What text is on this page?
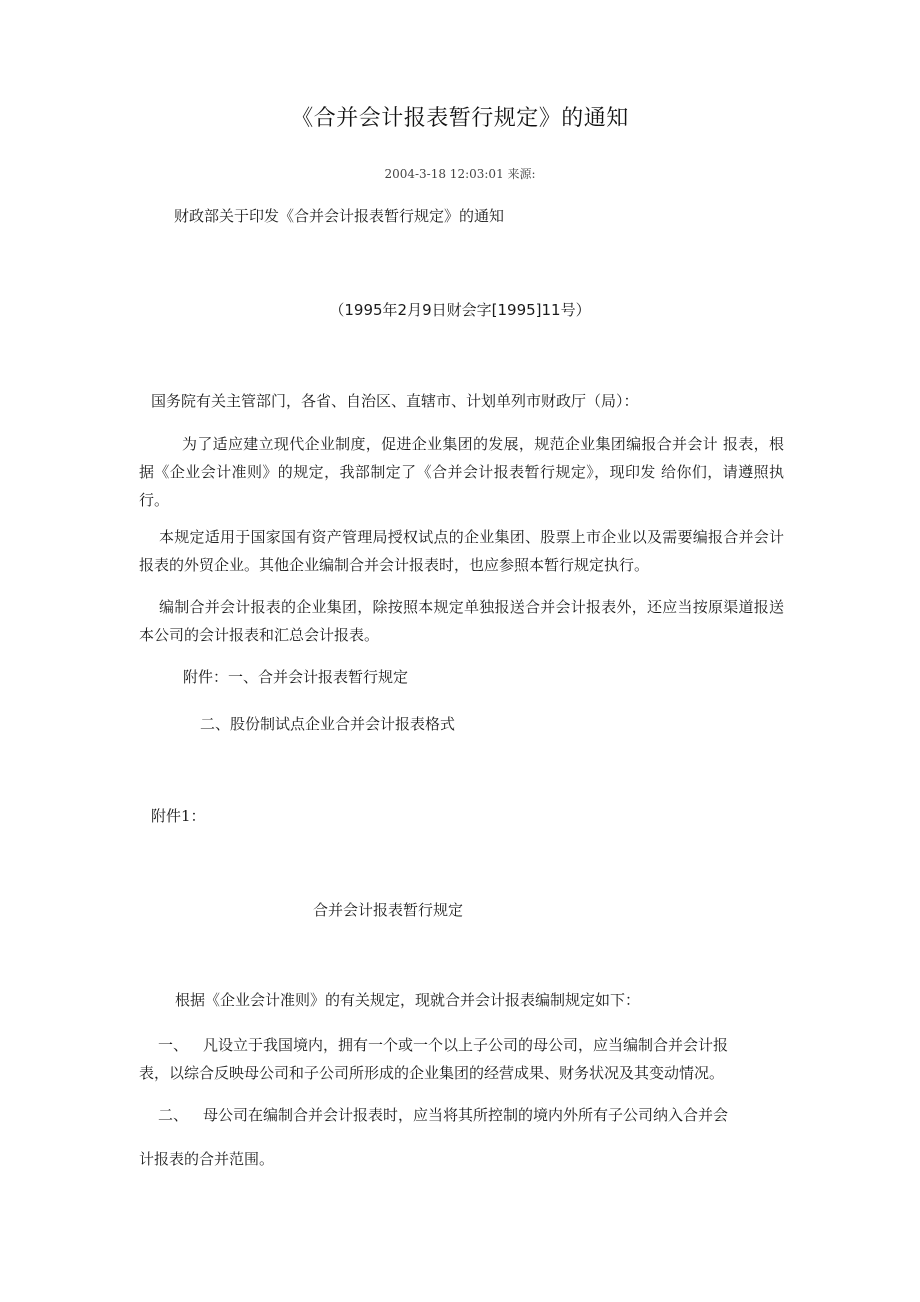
《合并会计报表暂行规定》的通知
2004-3-18 12:03:01 来源:
财政部关于印发《合并会计报表暂行规定》的通知
（1995年2月9日财会字[1995]11号）
国务院有关主管部门，各省、自治区、直辖市、计划单列市财政厅（局）：
为了适应建立现代企业制度，促进企业集团的发展，规范企业集团编报合并会计 报表，根据《企业会计准则》的规定，我部制定了《合并会计报表暂行规定》，现印发 给你们，请遵照执行。
本规定适用于国家国有资产管理局授权试点的企业集团、股票上市企业以及需要编报合并会计报表的外贸企业。其他企业编制合并会计报表时，也应参照本暂行规定执行。
编制合并会计报表的企业集团，除按照本规定单独报送合并会计报表外，还应当按原渠道报送本公司的会计报表和汇总会计报表。
附件：一、合并会计报表暂行规定
二、股份制试点企业合并会计报表格式
附件1：
合并会计报表暂行规定
根据《企业会计准则》的有关规定，现就合并会计报表编制规定如下：
一、 凡设立于我国境内，拥有一个或一个以上子公司的母公司，应当编制合并会计报
表，以综合反映母公司和子公司所形成的企业集团的经营成果、财务状况及其变动情况。
二、 母公司在编制合并会计报表时，应当将其所控制的境内外所有子公司纳入合并会
计报表的合并范围。
